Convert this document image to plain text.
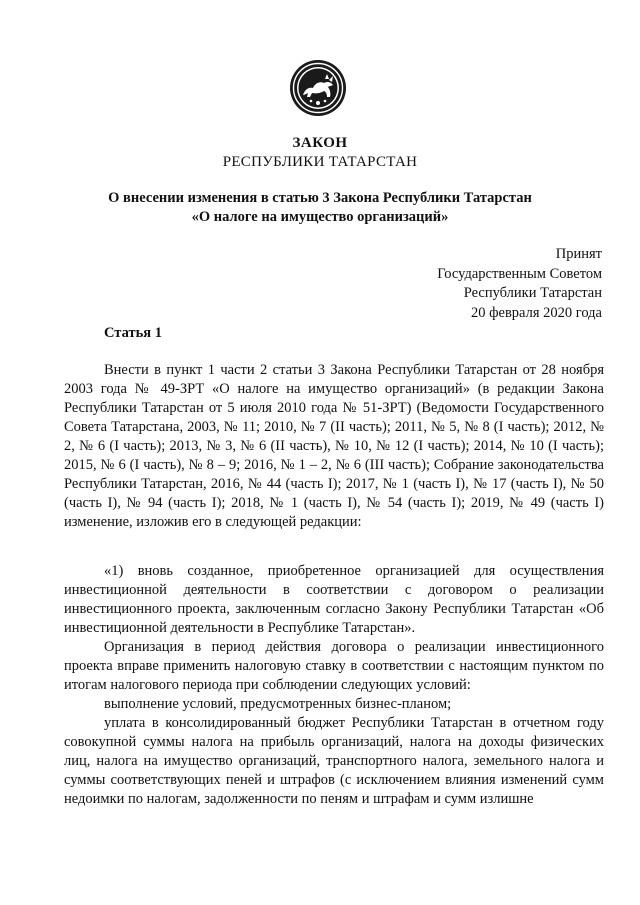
ЗАКОН
РЕСПУБЛИКИ ТАТАРСТАН
О внесении изменения в статью 3 Закона Республики Татарстан
«О налоге на имущество организаций»
Принят
Государственным Советом
Республики Татарстан
20 февраля 2020 года
Статья 1

Внести в пункт 1 части 2 статьи 3 Закона Республики Татарстан от 28 ноября 2003 года № 49-ЗРТ «О налоге на имущество организаций» (в редакции Закона Республики Татарстан от 5 июля 2010 года № 51-ЗРТ) (Ведомости Государственного Совета Татарстана, 2003, № 11; 2010, № 7 (II часть); 2011, № 5, № 8 (I часть); 2012, № 2, № 6 (I часть); 2013, № 3, № 6 (II часть), № 10, № 12 (I часть); 2014, № 10 (I часть); 2015, № 6 (I часть), № 8 – 9; 2016, № 1 – 2, № 6 (III часть); Собрание законодательства Республики Татарстан, 2016, № 44 (часть I); 2017, № 1 (часть I), № 17 (часть I), № 50 (часть I), № 94 (часть I); 2018, № 1 (часть I), № 54 (часть I); 2019, № 49 (часть I) изменение, изложив его в следующей редакции:

«1) вновь созданное, приобретенное организацией для осуществления инвестиционной деятельности в соответствии с договором о реализации инвестиционного проекта, заключенным согласно Закону Республики Татарстан «Об инвестиционной деятельности в Республике Татарстан».

Организация в период действия договора о реализации инвестиционного проекта вправе применить налоговую ставку в соответствии с настоящим пунктом по итогам налогового периода при соблюдении следующих условий:

выполнение условий, предусмотренных бизнес-планом;

уплата в консолидированный бюджет Республики Татарстан в отчетном году совокупной суммы налога на прибыль организаций, налога на доходы физических лиц, налога на имущество организаций, транспортного налога, земельного налога и суммы соответствующих пеней и штрафов (с исключением влияния изменений сумм недоимки по налогам, задолженности по пеням и штрафам и сумм излишне
